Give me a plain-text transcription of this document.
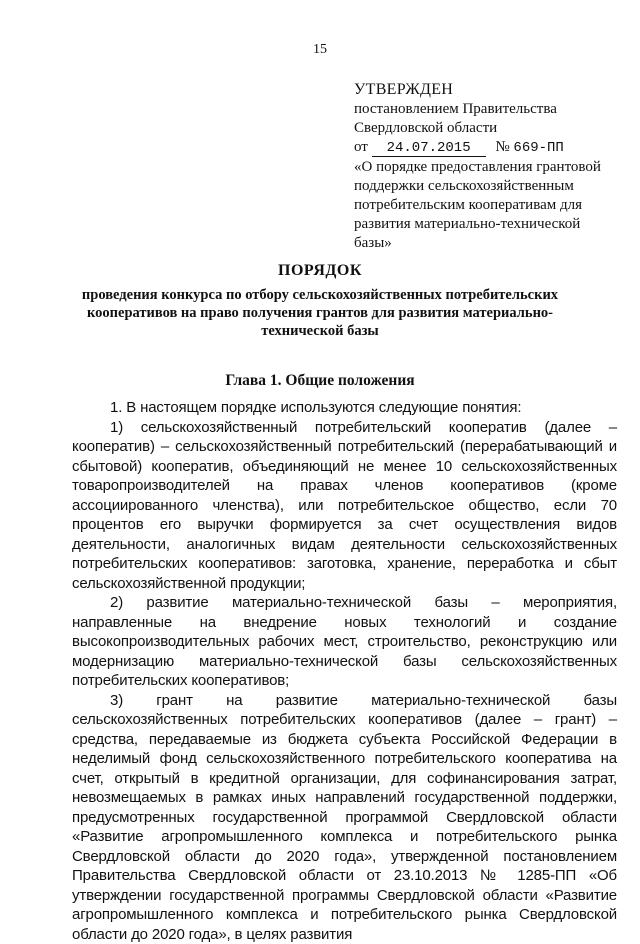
15
УТВЕРЖДЕН
постановлением Правительства
Свердловской области
от 24.07.2015 № 669-ПП
«О порядке предоставления грантовой поддержки сельскохозяйственным потребительским кооперативам для развития материально-технической базы»
ПОРЯДОК
проведения конкурса по отбору сельскохозяйственных потребительских кооперативов на право получения грантов для развития материально-технической базы
Глава 1. Общие положения

1. В настоящем порядке используются следующие понятия:

1) сельскохозяйственный потребительский кооператив (далее – кооператив) – сельскохозяйственный потребительский (перерабатывающий и сбытовой) кооператив, объединяющий не менее 10 сельскохозяйственных товаропроизводителей на правах членов кооперативов (кроме ассоциированного членства), или потребительское общество, если 70 процентов его выручки формируется за счет осуществления видов деятельности, аналогичных видам деятельности сельскохозяйственных потребительских кооперативов: заготовка, хранение, переработка и сбыт сельскохозяйственной продукции;

2) развитие материально-технической базы – мероприятия, направленные на внедрение новых технологий и создание высокопроизводительных рабочих мест, строительство, реконструкцию или модернизацию материально-технической базы сельскохозяйственных потребительских кооперативов;

3) грант на развитие материально-технической базы сельскохозяйственных потребительских кооперативов (далее – грант) – средства, передаваемые из бюджета субъекта Российской Федерации в неделимый фонд сельскохозяйственного потребительского кооператива на счет, открытый в кредитной организации, для софинансирования затрат, невозмещаемых в рамках иных направлений государственной поддержки, предусмотренных государственной программой Свердловской области «Развитие агропромышленного комплекса и потребительского рынка Свердловской области до 2020 года», утвержденной постановлением Правительства Свердловской области от 23.10.2013 № 1285-ПП «Об утверждении государственной программы Свердловской области «Развитие агропромышленного комплекса и потребительского рынка Свердловской области до 2020 года», в целях развития
